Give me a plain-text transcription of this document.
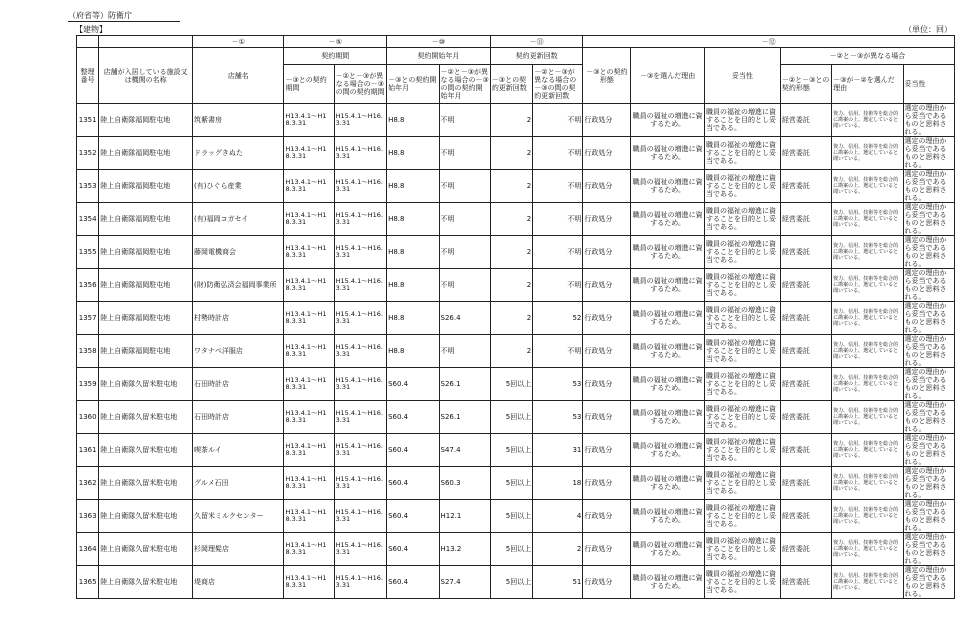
（府省等）防衛庁
【建物】	（単位：回）
		－①	－⑤		－⑩		－⑪		－⑫					
整理番号	店舗が入居している施設又は機関の名称	店舗名	契約期間		契約開始年月		契約更新回数		－③との契約形態	－③を選んだ理由	妥当性	－②と－③が異なる場合		
			－③との契約期間	－②と－③が異なる場合の－③の間の契約期間	－③との契約開始年月	－②と－③が異なる場合の－③の間の契約開始年月	－③との契約更新回数	－②と－③が異なる場合の－③の間の契約更新回数				－②と－③との契約形態	－③が－②を選んだ理由	妥当性
1351	陸上自衛隊福岡駐屯地	筑紫書房	H13.4.1～H18.3.31	H15.4.1～H16.3.31	H8.8	不明	2	不明	行政処分	職員の福祉の増進に資するため。	職員の福祉の増進に資することを目的とし妥当である。	経営委託	資力、信用、技術等を総合的に勘案の上、選定していると聞いている。	選定の理由から妥当であるものと思料される。
1352	陸上自衛隊福岡駐屯地	ドラッグきぬた	H13.4.1～H18.3.31	H15.4.1～H16.3.31	H8.8	不明	2	不明	行政処分	職員の福祉の増進に資するため。	職員の福祉の増進に資することを目的とし妥当である。	経営委託	資力、信用、技術等を総合的に勘案の上、選定していると聞いている。	選定の理由から妥当であるものと思料される。
1353	陸上自衛隊福岡駐屯地	(有)ひぐら産業	H13.4.1～H18.3.31	H15.4.1～H16.3.31	H8.8	不明	2	不明	行政処分	職員の福祉の増進に資するため。	職員の福祉の増進に資することを目的とし妥当である。	経営委託	資力、信用、技術等を総合的に勘案の上、選定していると聞いている。	選定の理由から妥当であるものと思料される。
1354	陸上自衛隊福岡駐屯地	(有)福岡コガセイ	H13.4.1～H18.3.31	H15.4.1～H16.3.31	H8.8	不明	2	不明	行政処分	職員の福祉の増進に資するため。	職員の福祉の増進に資することを目的とし妥当である。	経営委託	資力、信用、技術等を総合的に勘案の上、選定していると聞いている。	選定の理由から妥当であるものと思料される。
1355	陸上自衛隊福岡駐屯地	藤岡電機商会	H13.4.1～H18.3.31	H15.4.1～H16.3.31	H8.8	不明	2	不明	行政処分	職員の福祉の増進に資するため。	職員の福祉の増進に資することを目的とし妥当である。	経営委託	資力、信用、技術等を総合的に勘案の上、選定していると聞いている。	選定の理由から妥当であるものと思料される。
1356	陸上自衛隊福岡駐屯地	(財)防衛弘済会福岡事業所	H13.4.1～H18.3.31	H15.4.1～H16.3.31	H8.8	不明	2	不明	行政処分	職員の福祉の増進に資するため。	職員の福祉の増進に資することを目的とし妥当である。	経営委託	資力、信用、技術等を総合的に勘案の上、選定していると聞いている。	選定の理由から妥当であるものと思料される。
1357	陸上自衛隊福岡駐屯地	村勢時計店	H13.4.1～H18.3.31	H15.4.1～H16.3.31	H8.8	S26.4	2	52	行政処分	職員の福祉の増進に資するため。	職員の福祉の増進に資することを目的とし妥当である。	経営委託	資力、信用、技術等を総合的に勘案の上、選定していると聞いている。	選定の理由から妥当であるものと思料される。
1358	陸上自衛隊福岡駐屯地	ワタナベ洋服店	H13.4.1～H18.3.31	H15.4.1～H16.3.31	H8.8	不明	2	不明	行政処分	職員の福祉の増進に資するため。	職員の福祉の増進に資することを目的とし妥当である。	経営委託	資力、信用、技術等を総合的に勘案の上、選定していると聞いている。	選定の理由から妥当であるものと思料される。
1359	陸上自衛隊久留米駐屯地	石田時計店	H13.4.1～H18.3.31	H15.4.1～H16.3.31	S60.4	S26.1	5回以上	53	行政処分	職員の福祉の増進に資するため。	職員の福祉の増進に資することを目的とし妥当である。	経営委託	資力、信用、技術等を総合的に勘案の上、選定していると聞いている。	選定の理由から妥当であるものと思料される。
1360	陸上自衛隊久留米駐屯地	石田時計店	H13.4.1～H18.3.31	H15.4.1～H16.3.31	S60.4	S26.1	5回以上	53	行政処分	職員の福祉の増進に資するため。	職員の福祉の増進に資することを目的とし妥当である。	経営委託	資力、信用、技術等を総合的に勘案の上、選定していると聞いている。	選定の理由から妥当であるものと思料される。
1361	陸上自衛隊久留米駐屯地	喫茶ルイ	H13.4.1～H18.3.31	H15.4.1～H16.3.31	S60.4	S47.4	5回以上	31	行政処分	職員の福祉の増進に資するため。	職員の福祉の増進に資することを目的とし妥当である。	経営委託	資力、信用、技術等を総合的に勘案の上、選定していると聞いている。	選定の理由から妥当であるものと思料される。
1362	陸上自衛隊久留米駐屯地	グルメ石田	H13.4.1～H18.3.31	H15.4.1～H16.3.31	S60.4	S60.3	5回以上	18	行政処分	職員の福祉の増進に資するため。	職員の福祉の増進に資することを目的とし妥当である。	経営委託	資力、信用、技術等を総合的に勘案の上、選定していると聞いている。	選定の理由から妥当であるものと思料される。
1363	陸上自衛隊久留米駐屯地	久留米ミルクセンター	H13.4.1～H18.3.31	H15.4.1～H16.3.31	S60.4	H12.1	5回以上	4	行政処分	職員の福祉の増進に資するため。	職員の福祉の増進に資することを目的とし妥当である。	経営委託	資力、信用、技術等を総合的に勘案の上、選定していると聞いている。	選定の理由から妥当であるものと思料される。
1364	陸上自衛隊久留米駐屯地	杉岡理髪店	H13.4.1～H18.3.31	H15.4.1～H16.3.31	S60.4	H13.2	5回以上	2	行政処分	職員の福祉の増進に資するため。	職員の福祉の増進に資することを目的とし妥当である。	経営委託	資力、信用、技術等を総合的に勘案の上、選定していると聞いている。	選定の理由から妥当であるものと思料される。
1365	陸上自衛隊久留米駐屯地	堤商店	H13.4.1～H18.3.31	H15.4.1～H16.3.31	S60.4	S27.4	5回以上	51	行政処分	職員の福祉の増進に資するため。	職員の福祉の増進に資することを目的とし妥当である。	経営委託	資力、信用、技術等を総合的に勘案の上、選定していると聞いている。	選定の理由から妥当であるものと思料される。
